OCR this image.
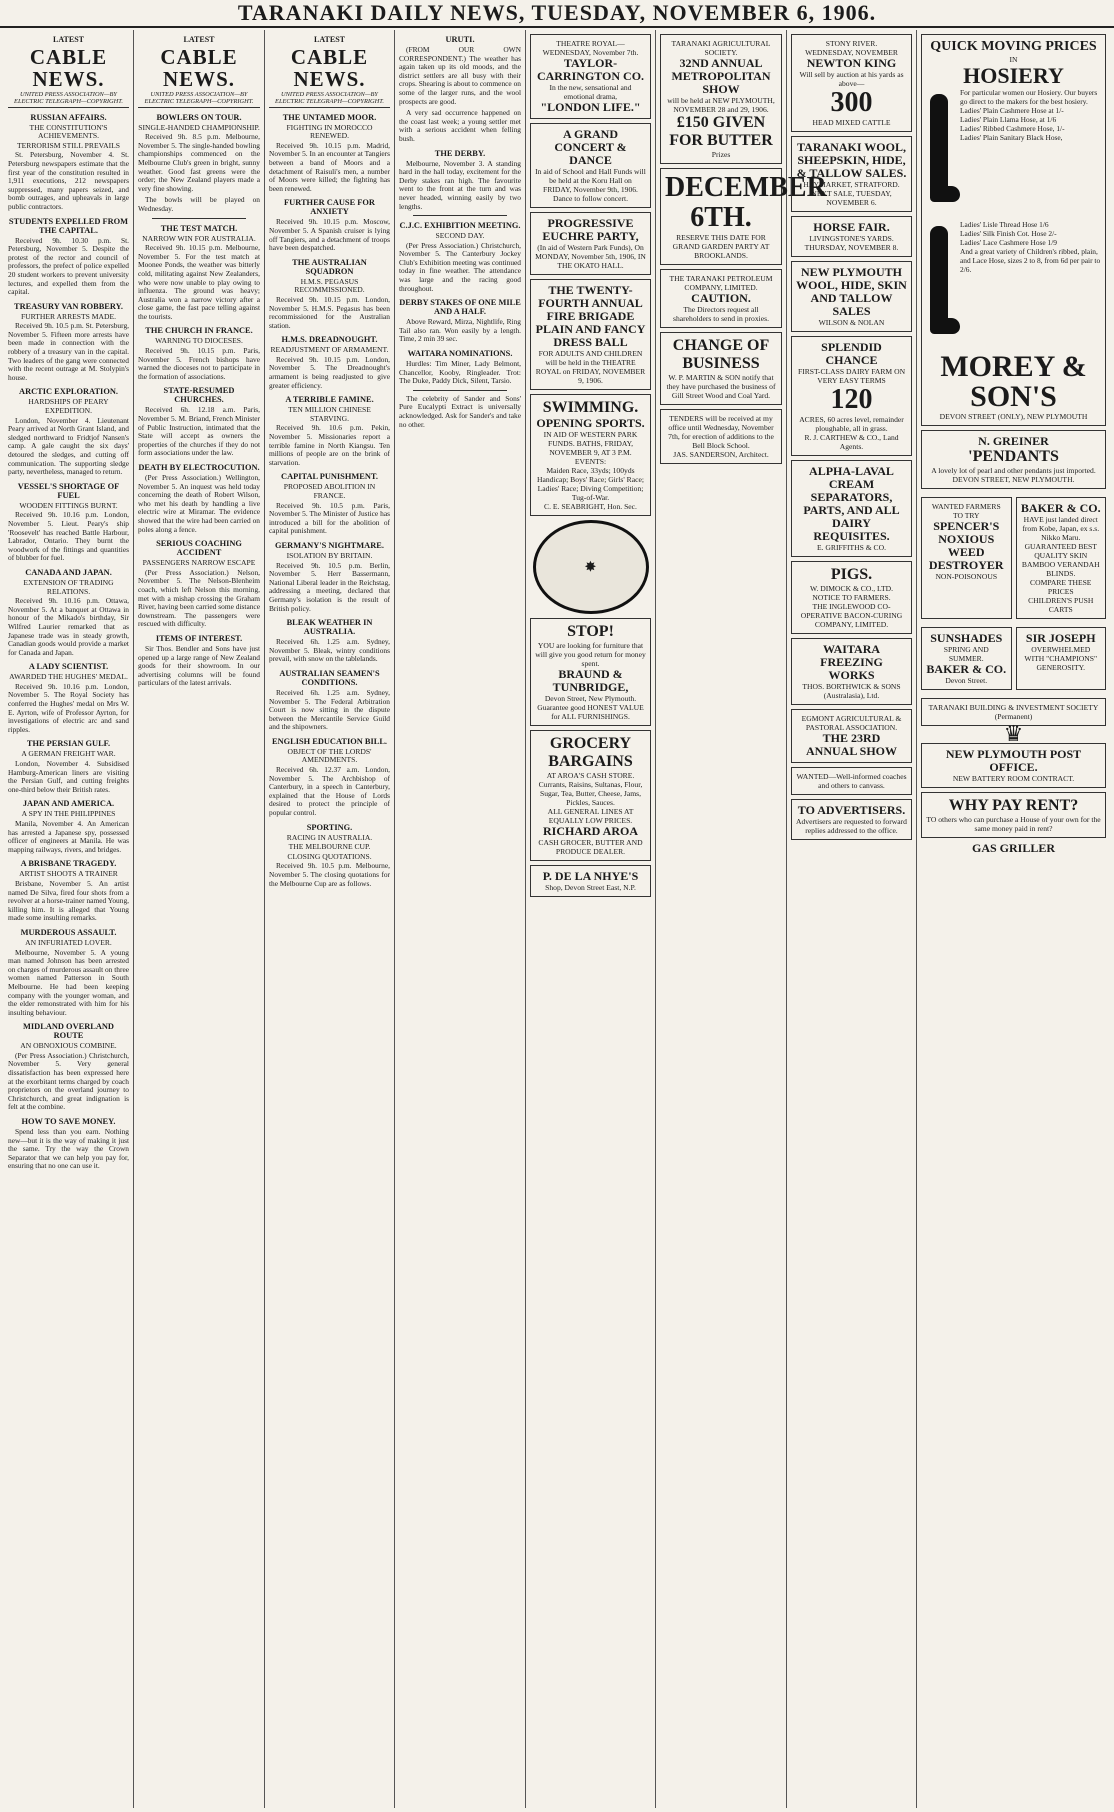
TARANAKI DAILY NEWS, TUESDAY, NOVEMBER 6, 1906.
LATEST
CABLE NEWS.
UNITED PRESS ASSOCIATION—BY ELECTRIC TELEGRAPH—COPYRIGHT.
RUSSIAN AFFAIRS.
THE CONSTITUTION'S ACHIEVEMENTS.
TERRORISM STILL PREVAILS

St. Petersburg, November 4. St. Petersburg newspapers estimate that the first year of the constitution resulted in 1,911 executions, 212 newspapers suppressed, many papers seized, and bomb outrages, and upheavals in large public contractors.

STUDENTS EXPELLED FROM THE CAPITAL.

Received 9h. 10.30 p.m. St. Petersburg, November 5. Despite the protest of the rector and council of professors, the prefect of police expelled 20 student workers to prevent university lectures, and expelled them from the capital.

TREASURY VAN ROBBERY.
FURTHER ARRESTS MADE.

Received 9h. 10.5 p.m. St. Petersburg, November 5. Fifteen more arrests have been made in connection with the robbery of a treasury van in the capital. Two leaders of the gang were connected with the recent outrage at M. Stolypin's house.

ARCTIC EXPLORATION.
HARDSHIPS OF PEARY EXPEDITION.

London, November 4. Lieutenant Peary arrived at North Grant Island, and sledged northward to Fridtjof Nansen's camp. A gale caught the six days' detoured the sledges, and cutting off communication. The supporting sledge party, nevertheless, managed to return.

VESSEL'S SHORTAGE OF FUEL
WOODEN FITTINGS BURNT.

Received 9h. 10.16 p.m. London, November 5. Lieut. Peary's ship 'Roosevelt' has reached Battle Harbour, Labrador, Ontario. They burnt the woodwork of the fittings and quantities of blubber for fuel.

CANADA AND JAPAN.
EXTENSION OF TRADING RELATIONS.

Received 9h. 10.16 p.m. Ottawa, November 5. At a banquet at Ottawa in honour of the Mikado's birthday, Sir Wilfred Laurier remarked that as Japanese trade was in steady growth, Canadian goods would provide a market for Canada and Japan.

A LADY SCIENTIST.
AWARDED THE HUGHES' MEDAL.

Received 9h. 10.16 p.m. London, November 5. The Royal Society has conferred the Hughes' medal on Mrs W. E. Ayrton, wife of Professor Ayrton, for investigations of electric arc and sand ripples.

THE PERSIAN GULF.
A GERMAN FREIGHT WAR.

London, November 4. Subsidised Hamburg-American liners are visiting the Persian Gulf, and cutting freights one-third below their British rates.

JAPAN AND AMERICA.
A SPY IN THE PHILIPPINES

Manila, November 4. An American has arrested a Japanese spy, possessed officer of engineers at Manila. He was mapping railways, rivers, and bridges.

A BRISBANE TRAGEDY.
ARTIST SHOOTS A TRAINER

Brisbane, November 5. An artist named De Silva, fired four shots from a revolver at a horse-trainer named Young, killing him. It is alleged that Young made some insulting remarks.

MURDEROUS ASSAULT.
AN INFURIATED LOVER.

Melbourne, November 5. A young man named Johnson has been arrested on charges of murderous assault on three women named Patterson in South Melbourne. He had been keeping company with the younger woman, and the elder remonstrated with him for his insulting behaviour.

MIDLAND OVERLAND ROUTE
AN OBNOXIOUS COMBINE.

(Per Press Association.) Christchurch, November 5. Very general dissatisfaction has been expressed here at the exorbitant terms charged by coach proprietors on the overland journey to Christchurch, and great indignation is felt at the combine.

HOW TO SAVE MONEY.

Spend less than you earn. Nothing new—but it is the way of making it just the same. Try the way the Crown Separator that we can help you pay for, ensuring that no one can use it.

LATEST
CABLE NEWS.
UNITED PRESS ASSOCIATION—BY ELECTRIC TELEGRAPH—COPYRIGHT.
BOWLERS ON TOUR.
SINGLE-HANDED CHAMPIONSHIP.

Received 9h. 8.5 p.m. Melbourne, November 5. The single-handed bowling championships commenced on the Melbourne Club's green in bright, sunny weather. Good fast greens were the order; the New Zealand players made a very fine showing.

The bowls will be played on Wednesday.

THE TEST MATCH.
NARROW WIN FOR AUSTRALIA.

Received 9h. 10.15 p.m. Melbourne, November 5. For the test match at Moonee Ponds, the weather was bitterly cold, militating against New Zealanders, who were now unable to play owing to influenza. The ground was heavy; Australia won a narrow victory after a close game, the fast pace telling against the tourists.

THE CHURCH IN FRANCE.
WARNING TO DIOCESES.

Received 9h. 10.15 p.m. Paris, November 5. French bishops have warned the dioceses not to participate in the formation of associations.

STATE-RESUMED CHURCHES.

Received 6h. 12.18 a.m. Paris, November 5. M. Briand, French Minister of Public Instruction, intimated that the State will accept as owners the properties of the churches if they do not form associations under the law.

DEATH BY ELECTROCUTION.

(Per Press Association.) Wellington, November 5. An inquest was held today concerning the death of Robert Wilson, who met his death by handling a live electric wire at Miramar. The evidence showed that the wire had been carried on poles along a fence.

SERIOUS COACHING ACCIDENT
PASSENGERS NARROW ESCAPE

(Per Press Association.) Nelson, November 5. The Nelson-Blenheim coach, which left Nelson this morning, met with a mishap crossing the Graham River, having been carried some distance downstream. The passengers were rescued with difficulty.

ITEMS OF INTEREST.

Sir Thos. Bendler and Sons have just opened up a large range of New Zealand goods for their showroom. In our advertising columns will be found particulars of the latest arrivals.

LATEST
CABLE NEWS.
UNITED PRESS ASSOCIATION—BY ELECTRIC TELEGRAPH—COPYRIGHT.
THE UNTAMED MOOR.
FIGHTING IN MOROCCO RENEWED.

Received 9h. 10.15 p.m. Madrid, November 5. In an encounter at Tangiers between a band of Moors and a detachment of Raisuli's men, a number of Moors were killed; the fighting has been renewed.

FURTHER CAUSE FOR ANXIETY

Received 9h. 10.15 p.m. Moscow, November 5. A Spanish cruiser is lying off Tangiers, and a detachment of troops have been despatched.

THE AUSTRALIAN SQUADRON
H.M.S. PEGASUS RECOMMISSIONED.

Received 9h. 10.15 p.m. London, November 5. H.M.S. Pegasus has been recommissioned for the Australian station.

H.M.S. DREADNOUGHT.
READJUSTMENT OF ARMAMENT.

Received 9h. 10.15 p.m. London, November 5. The Dreadnought's armament is being readjusted to give greater efficiency.

A TERRIBLE FAMINE.
TEN MILLION CHINESE STARVING.

Received 9h. 10.6 p.m. Pekin, November 5. Missionaries report a terrible famine in North Kiangsu. Ten millions of people are on the brink of starvation.

CAPITAL PUNISHMENT.
PROPOSED ABOLITION IN FRANCE.

Received 9h. 10.5 p.m. Paris, November 5. The Minister of Justice has introduced a bill for the abolition of capital punishment.

GERMANY'S NIGHTMARE.
ISOLATION BY BRITAIN.

Received 9h. 10.5 p.m. Berlin, November 5. Herr Bassermann, National Liberal leader in the Reichstag, addressing a meeting, declared that Germany's isolation is the result of British policy.

BLEAK WEATHER IN AUSTRALIA.

Received 6h. 1.25 a.m. Sydney, November 5. Bleak, wintry conditions prevail, with snow on the tablelands.

AUSTRALIAN SEAMEN'S CONDITIONS.

Received 6h. 1.25 a.m. Sydney, November 5. The Federal Arbitration Court is now sitting in the dispute between the Mercantile Service Guild and the shipowners.

ENGLISH EDUCATION BILL.
OBJECT OF THE LORDS' AMENDMENTS.

Received 6h. 12.37 a.m. London, November 5. The Archbishop of Canterbury, in a speech in Canterbury, explained that the House of Lords desired to protect the principle of popular control.

SPORTING.
RACING IN AUSTRALIA.
THE MELBOURNE CUP.
CLOSING QUOTATIONS.

Received 9h. 10.5 p.m. Melbourne, November 5. The closing quotations for the Melbourne Cup are as follows.

URUTI.

(FROM OUR OWN CORRESPONDENT.) The weather has again taken up its old moods, and the district settlers are all busy with their crops. Shearing is about to commence on some of the larger runs, and the wool prospects are good.

A very sad occurrence happened on the coast last week; a young settler met with a serious accident when felling bush.

THE DERBY.

Melbourne, November 3. A standing hard in the hall today, excitement for the Derby stakes ran high. The favourite went to the front at the turn and was never headed, winning easily by two lengths.

C.J.C. EXHIBITION MEETING.
SECOND DAY.

(Per Press Association.) Christchurch, November 5. The Canterbury Jockey Club's Exhibition meeting was continued today in fine weather. The attendance was large and the racing good throughout.

DERBY STAKES OF ONE MILE AND A HALF.

Above Reward, Mirza, Nightlife, Ring Tail also ran. Won easily by a length. Time, 2 min 39 sec.

WAITARA NOMINATIONS.

Hurdles: Tim Miner, Lady Belmont, Chancellor, Kooby, Ringleader. Trot: The Duke, Paddy Dick, Silent, Tarsio.

The celebrity of Sander and Sons' Pure Eucalypti Extract is universally acknowledged. Ask for Sander's and take no other.

THEATRE ROYAL—WEDNESDAY, November 7th.
TAYLOR-CARRINGTON CO.
In the new, sensational and emotional drama,
"LONDON LIFE."
A GRAND CONCERT & DANCE
In aid of School and Hall Funds will be held at the Koru Hall on FRIDAY, November 9th, 1906. Dance to follow concert.
PROGRESSIVE EUCHRE PARTY,
(In aid of Western Park Funds), On MONDAY, November 5th, 1906, IN THE OKATO HALL.
THE TWENTY-FOURTH ANNUAL FIRE BRIGADE PLAIN AND FANCY DRESS BALL
FOR ADULTS AND CHILDREN will be held in the THEATRE ROYAL on FRIDAY, NOVEMBER 9, 1906.
SWIMMING.
OPENING SPORTS.
IN AID OF WESTERN PARK FUNDS. BATHS, FRIDAY, NOVEMBER 9, AT 3 P.M.
EVENTS:
Maiden Race, 33yds; 100yds Handicap; Boys' Race; Girls' Race; Ladies' Race; Diving Competition; Tug-of-War.
C. E. SEABRIGHT, Hon. Sec.
✸
STOP!
YOU are looking for furniture that will give you good return for money spent.
BRAUND & TUNBRIDGE,
Devon Street, New Plymouth.
Guarantee good HONEST VALUE for ALL FURNISHINGS.
GROCERY BARGAINS
AT AROA'S CASH STORE.
Currants, Raisins, Sultanas, Flour, Sugar, Tea, Butter, Cheese, Jams, Pickles, Sauces.
ALL GENERAL LINES AT EQUALLY LOW PRICES.
RICHARD AROA
CASH GROCER, BUTTER AND PRODUCE DEALER.
P. DE LA NHYE'S
Shop, Devon Street East, N.P.
TARANAKI AGRICULTURAL SOCIETY.
32ND ANNUAL METROPOLITAN SHOW
will be held at NEW PLYMOUTH, NOVEMBER 28 and 29, 1906.
£150 GIVEN FOR BUTTER
Prizes
DECEMBER 6TH.
RESERVE THIS DATE FOR GRAND GARDEN PARTY AT BROOKLANDS.
THE TARANAKI PETROLEUM COMPANY, LIMITED.
CAUTION.
The Directors request all shareholders to send in proxies.
CHANGE OF BUSINESS
W. P. MARTIN & SON notify that they have purchased the business of Gill Street Wood and Coal Yard.
TENDERS will be received at my office until Wednesday, November 7th, for erection of additions to the Bell Block School.
JAS. SANDERSON, Architect.
STONY RIVER.
WEDNESDAY, NOVEMBER
NEWTON KING
Will sell by auction at his yards as above—
300
HEAD MIXED CATTLE
TARANAKI WOOL, SHEEPSKIN, HIDE, & TALLOW SALES.
HAYMARKET, STRATFORD.
NEXT SALE, TUESDAY, NOVEMBER 6.
HORSE FAIR.
LIVINGSTONE'S YARDS.
THURSDAY, NOVEMBER 8.
NEW PLYMOUTH WOOL, HIDE, SKIN AND TALLOW SALES
WILSON & NOLAN
SPLENDID CHANCE
FIRST-CLASS DAIRY FARM ON VERY EASY TERMS
120
ACRES, 60 acres level, remainder ploughable, all in grass.
R. J. CARTHEW & CO., Land Agents.
ALPHA-LAVAL CREAM SEPARATORS, PARTS, AND ALL DAIRY REQUISITES.
E. GRIFFITHS & CO.
PIGS.
W. DIMOCK & CO., LTD.
NOTICE TO FARMERS.
THE INGLEWOOD CO-OPERATIVE BACON-CURING COMPANY, LIMITED.
WAITARA FREEZING WORKS
THOS. BORTHWICK & SONS (Australasia), Ltd.
EGMONT AGRICULTURAL & PASTORAL ASSOCIATION.
THE 23RD ANNUAL SHOW
WANTED—Well-informed coaches and others to canvass.
TO ADVERTISERS.
Advertisers are requested to forward replies addressed to the office.
QUICK MOVING PRICES
IN
HOSIERY
For particular women our Hosiery. Our buyers go direct to the makers for the best hosiery.
Ladies' Plain Cashmere Hose at 1/-
Ladies' Plain Llama Hose, at 1/6
Ladies' Ribbed Cashmere Hose, 1/-
Ladies' Plain Sanitary Black Hose,
Ladies' Lisle Thread Hose 1/6
Ladies' Silk Finish Cot. Hose 2/-
Ladies' Lace Cashmere Hose 1/9
And a great variety of Children's ribbed, plain, and Lace Hose, sizes 2 to 8, from 6d per pair to 2/6.
MOREY & SON'S
DEVON STREET (ONLY), NEW PLYMOUTH
N. GREINER
'PENDANTS
A lovely lot of pearl and other pendants just imported.
DEVON STREET, NEW PLYMOUTH.
WANTED FARMERS TO TRY
SPENCER'S
NOXIOUS WEED DESTROYER
NON-POISONOUS
BAKER & CO.
HAVE just landed direct from Kobe, Japan, ex s.s. Nikko Maru.
GUARANTEED BEST QUALITY SKIN BAMBOO VERANDAH BLINDS.
COMPARE THESE PRICES
CHILDREN'S PUSH CARTS
SUNSHADES
SPRING AND SUMMER.
BAKER & CO.
Devon Street.
SIR JOSEPH
OVERWHELMED WITH "CHAMPIONS" GENEROSITY.
TARANAKI BUILDING & INVESTMENT SOCIETY (Permanent)
♛
NEW PLYMOUTH POST OFFICE.
NEW BATTERY ROOM CONTRACT.
WHY PAY RENT?
TO others who can purchase a House of your own for the same money paid in rent?
GAS GRILLER
